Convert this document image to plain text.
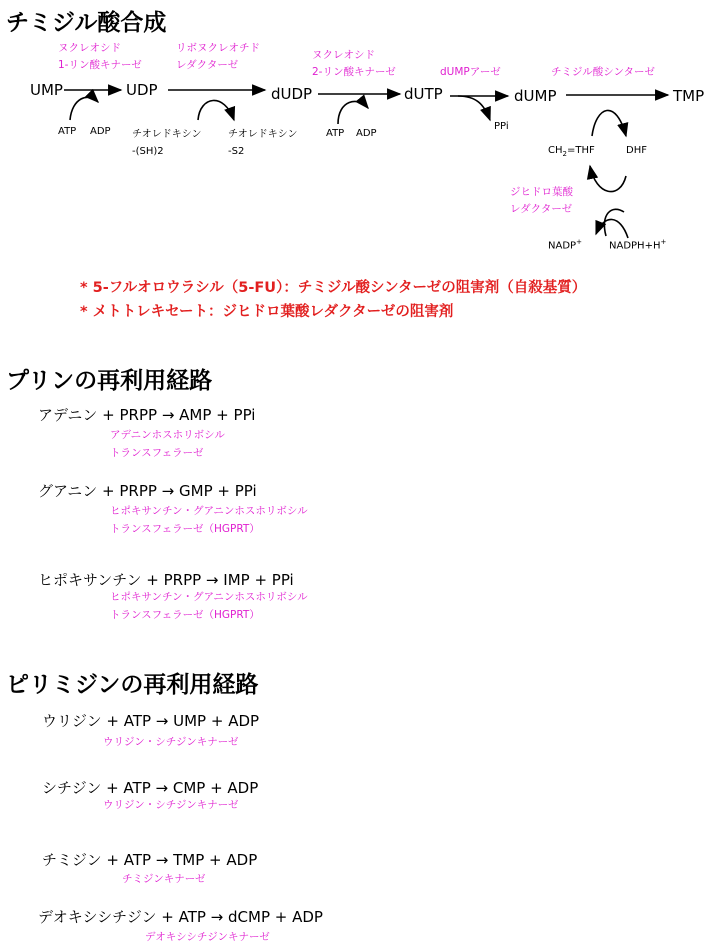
チミジル酸合成
ヌクレオシド
1-リン酸キナーゼ
リボヌクレオチド
レダクターゼ
ヌクレオシド
2-リン酸キナーゼ	dUMPアーゼ	チミジル酸シンターゼ
ジヒドロ葉酸
レダクターゼ
UMP	UDP	dUDP	dUTP	dUMP	TMP
ATP ADP チオレドキシン
-(SH)2
チオレドキシン
-S2
ATP ADP
PPi
$CH_2=THF$	DHF
NADP+	NADPH+H+
* 5-フルオロウラシル（5-FU）：チミジル酸シンターゼの阻害剤（自殺基質）
* メトトレキセート：ジヒドロ葉酸レダクターゼの阻害剤
プリンの再利用経路
アデニン + PRPP → AMP + PPi
アデニンホスホリボシル
トランスフェラーゼ
グアニン + PRPP → GMP + PPi
ヒポキサンチン・グアニンホスホリボシル
トランスフェラーゼ（HGPRT）
ヒポキサンチン + PRPP → IMP + PPi
ヒポキサンチン・グアニンホスホリボシル
トランスフェラーゼ（HGPRT）
ピリミジンの再利用経路
ウリジン + ATP → UMP + ADP
ウリジン・シチジンキナーゼ
シチジン + ATP → CMP + ADP
ウリジン・シチジンキナーゼ
チミジン + ATP → TMP + ADP
チミジンキナーゼ
デオキシシチジン + ATP → dCMP + ADP
デオキシシチジンキナーゼ
